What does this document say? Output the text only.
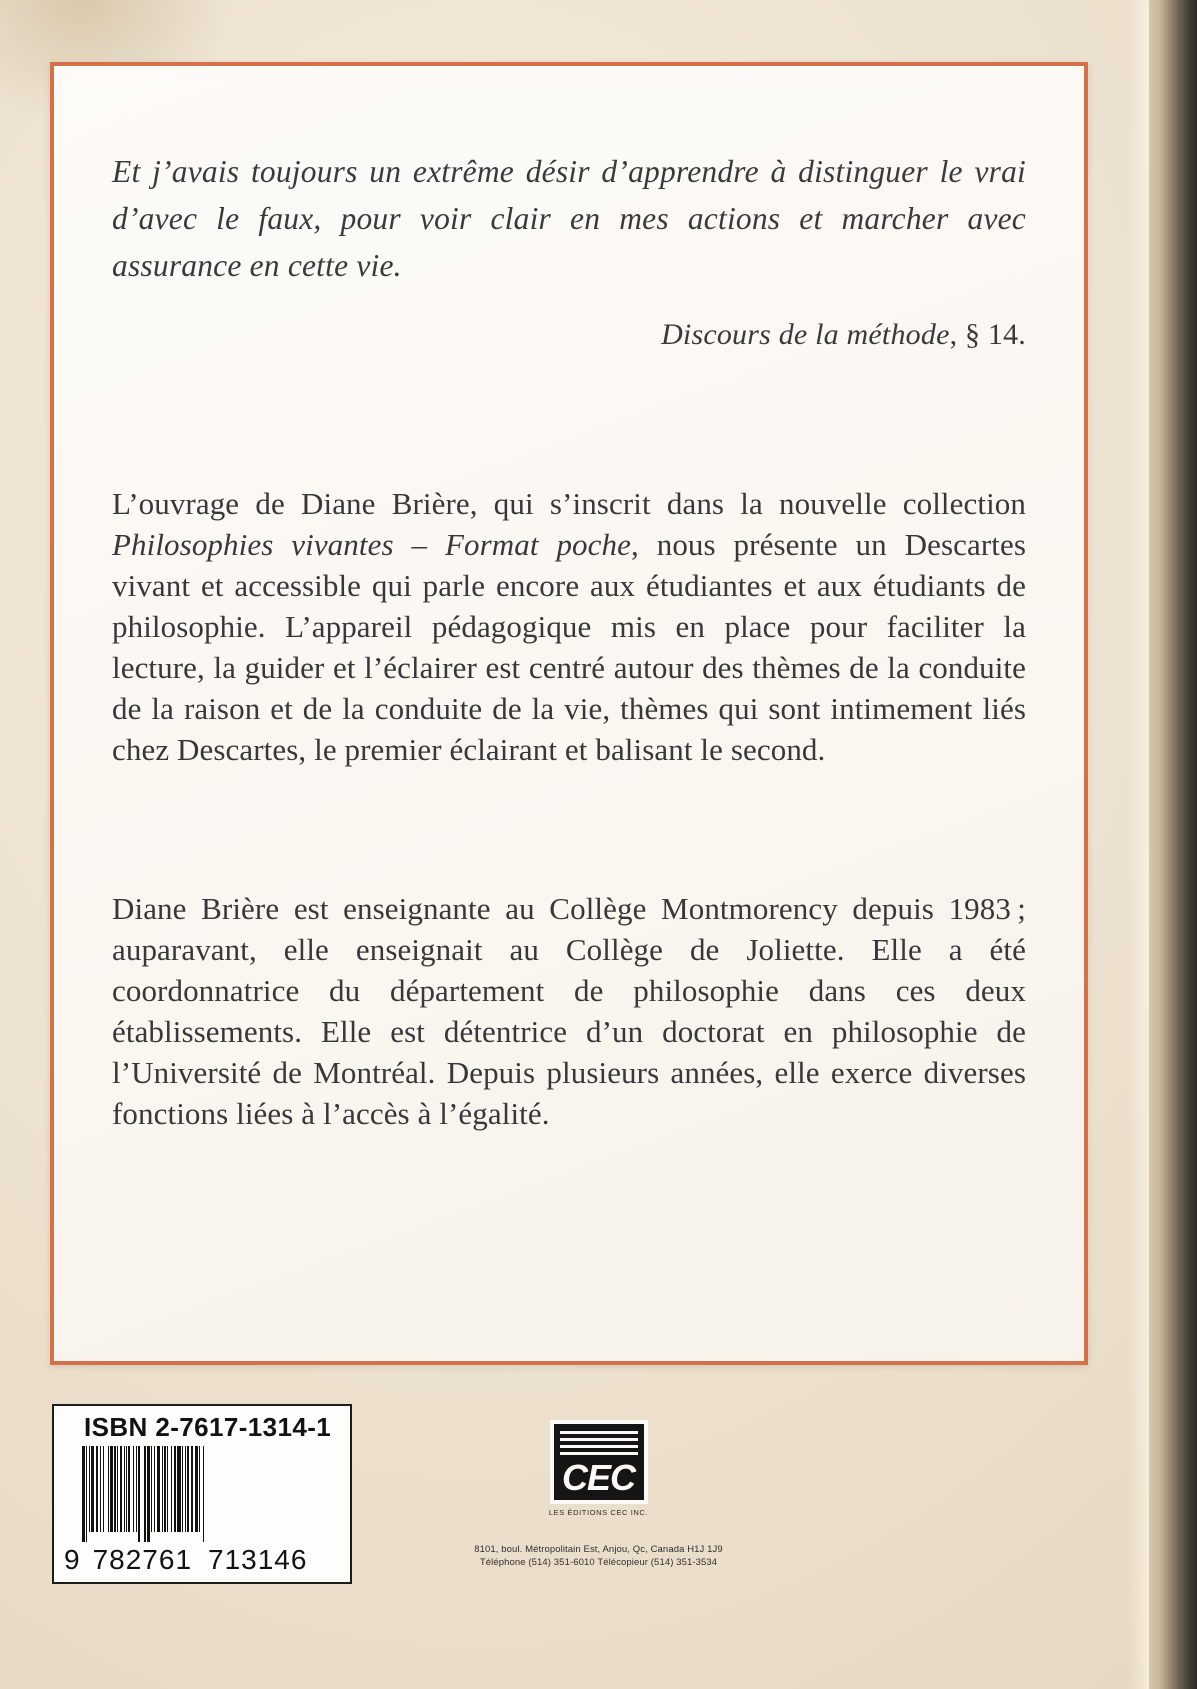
Et j’avais toujours un extrême désir d’apprendre à distinguer le vrai d’avec le faux, pour voir clair en mes actions et marcher avec assurance en cette vie.
Discours de la méthode, § 14.
L’ouvrage de Diane Brière, qui s’inscrit dans la nouvelle collection Philosophies vivantes – Format poche, nous présente un Descartes vivant et accessible qui parle encore aux étudiantes et aux étudiants de philosophie. L’appareil pédagogique mis en place pour faciliter la lecture, la guider et l’éclairer est centré autour des thèmes de la conduite de la raison et de la conduite de la vie, thèmes qui sont intimement liés chez Descartes, le premier éclairant et balisant le second.
Diane Brière est enseignante au Collège Montmorency depuis 1983 ; auparavant, elle enseignait au Collège de Joliette. Elle a été coordonnatrice du département de philosophie dans ces deux établissements. Elle est détentrice d’un doctorat en philosophie de l’Université de Montréal. Depuis plusieurs années, elle exerce diverses fonctions liées à l’accès à l’égalité.
ISBN 2-7617-1314-1
9 782761 713146
CEC
LES ÉDITIONS CEC INC.
8101, boul. Métropolitain Est, Anjou, Qc, Canada H1J 1J9
Téléphone (514) 351-6010 Télécopieur (514) 351-3534
